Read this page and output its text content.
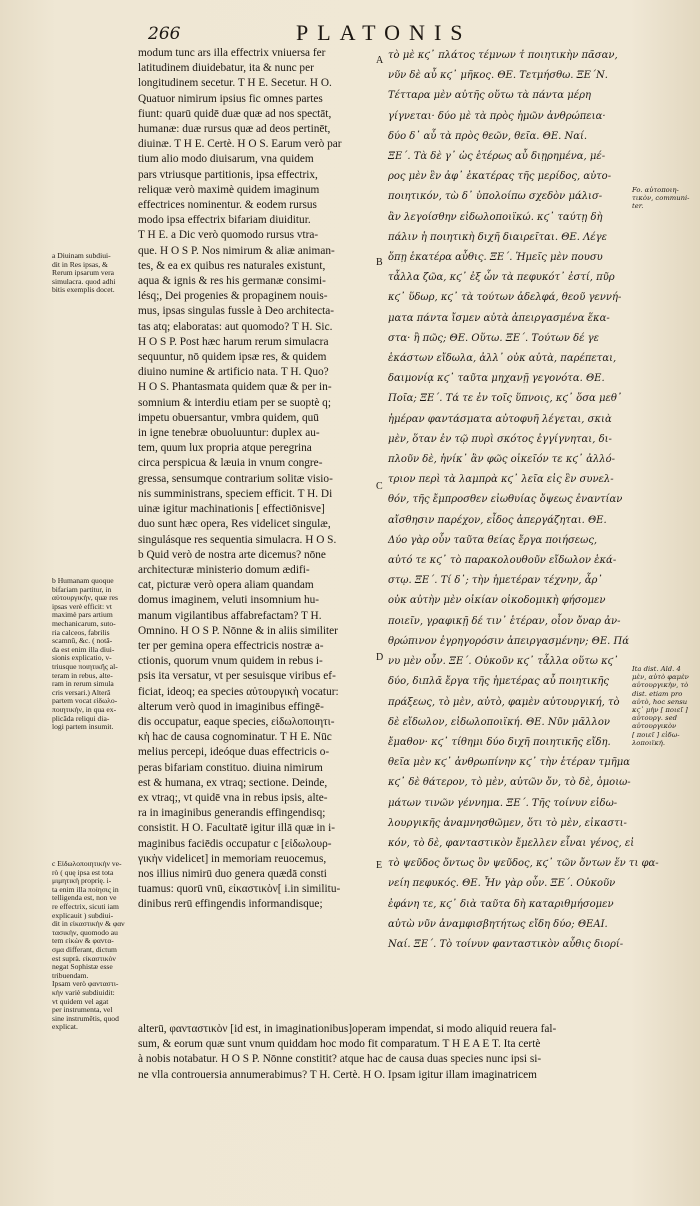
266	PLATONIS
a Diuinam subdiui-
dit in Res ipsas, &
Rerum ipsarum vera
simulacra. quod adhi
bitis exemplis docet.
b Humanam quoque
bifariam partitur, in
αὐτουργικὴν, quæ res
ipsas verè efficit: vt
maximè pars artium
mechanicarum, suto-
ria calceos, fabrilis
scamnū, &c. ( notā-
da est enim illa diui-
sionis explicatio, v-
triusque ποιητικῆς al-
teram in rebus, alte-
ram in rerum simula
cris versari.) Alterā
partem vocat εἰδωλο-
ποιητικὴν, in qua ex-
plicāda reliqui dia-
logi partem insumit.
c Εἰδωλοποιητικὴν ve-
rò ( quę ipsa est tota
μιμητικὴ proprię. i-
ta enim illa ποίησις in
telligenda est, non ve
re effectrix, sicuti iam
explicauit ) subdiui-
dit in εἰκαστικὴν & φαν
τασικὴν, quomodo au
tem εἰκὼν & φαντα-
σμα differant, dictum
est suprà. εἰκαστικὸν
negat Sophistæ esse
tribuendam.
Ipsam verò φανταστι-
κὴν variè subdiuidit:
vt quidem vel agat
per instrumenta, vel
sine instrumētis, quod
explicat.

modum tunc ars illa effectrix vniuersa fer

latitudinem diuidebatur, ita & nunc per

longitudinem secetur. T H E. Secetur. H O.

Quatuor nimirum ipsius fic omnes partes

fiunt: quarū quidē duæ quæ ad nos spectāt,

humanæ: duæ rursus quæ ad deos pertinēt,

diuinæ. T H E. Certè. H O S. Earum verò par

tium alio modo diuisarum, vna quidem

pars vtriusque partitionis, ipsa effectrix,

reliquæ verò maximè quidem imaginum

effectrices nominentur. & eodem rursus

modo ipsa effectrix bifariam diuiditur.

T H E. a Dic verò quomodo rursus vtra-

que. H O S P. Nos nimirum & aliæ animan-

tes, & ea ex quibus res naturales existunt,

aqua & ignis & res his germanæ consimi-

lésq;, Dei progenies & propaginem nouis-

mus, ipsas singulas fussle à Deo architecta-

tas atq; elaboratas: aut quomodo? T H. Sic.

H O S P. Post hæc harum rerum simulacra

sequuntur, nō quidem ipsæ res, & quidem

diuino numine & artificio nata. T H. Quo?

H O S. Phantasmata quidem quæ & per in-

somnium & interdiu etiam per se suoptè q;

impetu obuersantur, vmbra quidem, quū

in igne tenebræ obuoluuntur: duplex au-

tem, quum lux propria atque peregrina

circa perspicua & læuia in vnum congre-

gressa, sensumque contrarium solitæ visio-

nis sumministrans, speciem efficit. T H. Di

uinæ igitur machinationis [ effectiōnisve]

duo sunt hæc opera, Res videlicet singulæ,

singulásque res sequentia simulacra. H O S.

b Quid verò de nostra arte dicemus? nōne

architecturæ ministerio domum ædifi-

cat, picturæ verò opera aliam quandam

domus imaginem, veluti insomnium hu-

manum vigilantibus affabrefactam? T H.

Omnino. H O S P. Nōnne & in aliis similiter

ter per gemina opera effectricis nostræ a-

ctionis, quorum vnum quidem in rebus i-

psis ita versatur, vt per sesuisque viribus ef-

ficiat, ideoq; ea species αὐτουργικὴ vocatur:

alterum verò quod in imaginibus effingē-

dis occupatur, eaque species, εἰδωλοποιητι-

κὴ hac de causa cognominatur. T H E. Nūc

melius percepi, ideóque duas effectricis o-

peras bifariam constituo. diuina nimirum

est & humana, ex vtraq; sectione. Deinde,

ex vtraq;, vt quidē vna in rebus ipsis, alte-

ra in imaginibus generandis effingendisq;

consistit. H O. Facultatē igitur illā quæ in i-

maginibus faciēdis occupatur c [εἰδωλουρ-

γικὴν videlicet] in memoriam reuocemus,

nos illius nimirū duo genera quædā consti

tuamus: quorū vnū, εἰκαστικὸν[ i.in similitu-

dinibus rerū effingendis informandisque;

τὸ μὲ κϛ᾽ πλάτος τέμνων τ̓ ποιητικὴν πᾶσαν,

νῦν δὲ αὖ κϛ᾽ μῆκος. ΘΕ. Τετμήσθω. ΞΕ΄Ν.

Τέτταρα μὲν αὐτῆς οὕτω τὰ πάντα μέρη

γίγνεται· δύο μὲ τὰ πρὸς ἡμῶν ἀνθρώπεια·

δύο δ᾽ αὖ τὰ πρὸς θεῶν, θεῖα. ΘΕ. Ναί.

ΞΕ΄. Τὰ δὲ γ᾽ ὡς ἑτέρως αὖ διῃρημένα, μέ-

ρος μὲν ἓν ἀφ᾽ ἑκατέρας τῆς μερίδος, αὐτο-

ποιητικόν, τὼ δ᾽ ὑπολοίπω σχεδὸν μάλισ-

ἂν λεγοίσθην εἰδωλοποιϊκώ. κϛ᾽ ταύτῃ δὴ

πάλιν ἡ ποιητικὴ διχῆ διαιρεῖται. ΘΕ. Λέγε

ὅπῃ ἑκατέρα αὖθις. ΞΕ΄. Ἡμεῖς μὲν πουσυ

τἆλλα ζῶα, κϛ᾽ ἐξ ὧν τὰ πεφυκότ᾽ ἐστί, πῦρ

κϛ᾽ ὕδωρ, κϛ᾽ τὰ τούτων ἀδελφά, θεοῦ γεννή-

ματα πάντα ἴσμεν αὐτὰ ἀπειργασμένα ἕκα-

στα· ἢ πῶς; ΘΕ. Οὕτω. ΞΕ΄. Τούτων δέ γε

ἑκάστων εἴδωλα, ἀλλ᾽ οὐκ αὐτὰ, παρέπεται,

δαιμονίᾳ κϛ᾽ ταῦτα μηχανῇ γεγονότα. ΘΕ.

Ποῖα; ΞΕ΄. Τά τε ἐν τοῖς ὕπνοις, κϛ᾽ ὅσα μεθ᾽

ἡμέραν φαντάσματα αὐτοφυῆ λέγεται, σκιὰ

μὲν, ὅταν ἐν τῷ πυρὶ σκότος ἐγγίγνηται, δι-

πλοῦν δὲ, ἡνίκ᾽ ἂν φῶς οἰκεῖόν τε κϛ᾽ ἀλλό-

τριον περὶ τὰ λαμπρὰ κϛ᾽ λεῖα εἰς ἓν συνελ-

θόν, τῆς ἔμπροσθεν εἰωθυίας ὄψεως ἐναντίαν

αἴσθησιν παρέχον, εἶδος ἀπεργάζηται. ΘΕ.

Δύο γὰρ οὖν ταῦτα θείας ἔργα ποιήσεως,

αὐτό τε κϛ᾽ τὸ παρακολουθοῦν εἴδωλον ἑκά-

στῳ. ΞΕ΄. Τί δ᾽; τὴν ἡμετέραν τέχνην, ἆρ᾽

οὐκ αὐτὴν μὲν οἰκίαν οἰκοδομικὴ φήσομεν

ποιεῖν, γραφικῇ δέ τιν᾽ ἑτέραν, οἷον ὄναρ ἀν-

θρώπινον ἐγρηγορόσιν ἀπειργασμένην; ΘΕ. Πά

νυ μὲν οὖν. ΞΕ΄. Οὐκοῦν κϛ᾽ τἆλλα οὕτω κϛ᾽

δύο, διπλᾶ ἔργα τῆς ἡμετέρας αὖ ποιητικῆς

πράξεως, τὸ μὲν, αὐτὸ, φαμὲν αὐτουργική, τὸ

δὲ εἴδωλον, εἰδωλοποιϊκή. ΘΕ. Νῦν μᾶλλον

ἔμαθον· κϛ᾽ τίθημι δύο διχῆ ποιητικῆς εἴδη.

θεῖα μὲν κϛ᾽ ἀνθρωπίνην κϛ᾽ τὴν ἑτέραν τμῆμα

κϛ᾽ δὲ θάτερον, τὸ μὲν, αὐτῶν ὄν, τὸ δὲ, ὁμοιω-

μάτων τινῶν γέννημα. ΞΕ΄. Τῆς τοίνυν εἰδω-

λουργικῆς ἀναμνησθῶμεν, ὅτι τὸ μὲν, εἰκαστι-

κόν, τὸ δὲ, φανταστικὸν ἔμελλεν εἶναι γένος, εἰ

τὸ ψεῦδος ὄντως ὂν ψεῦδος, κϛ᾽ τῶν ὄντων ἕν τι φα-

νείη πεφυκός. ΘΕ. Ἦν γὰρ οὖν. ΞΕ΄. Οὐκοῦν

ἐφάνη τε, κϛ᾽ διὰ ταῦτα δὴ καταριθμήσομεν

αὐτὼ νῦν ἀναμφισβητήτως εἴδη δύο; ΘΕΑΙ.

Ναί. ΞΕ΄. Τὸ τοίνυν φανταστικὸν αὖθις διορί-

A
B
C
D
E
Fo. αὐτοποιη-
τικὸν, communi-
ter.
Ita dist. Ald. 4
μὲν, αὐτὸ φαμὲν
αὐτουργικὴν, τὸ
dist. etiam pro
αὐτὸ, hoc sensu
κϛ᾽ μὴν [ ποιεῖ ]
αὐτουργ. sed
αὐτουργικὸν
[ ποιεῖ ] εἰδω-
λοποιϊκή.

alterū, φανταστικὸν [id est, in imaginationibus]operam impendat, si modo aliquid reuera fal-

sum, & eorum quæ sunt vnum quiddam hoc modo fit comparatum. T H E A E T. Ita certè

à nobis notabatur. H O S P. Nōnne constitit? atque hac de causa duas species nunc ipsi si-

ne vlla controuersia annumerabimus? T H. Certè. H O. Ipsam igitur illam imaginatricem
